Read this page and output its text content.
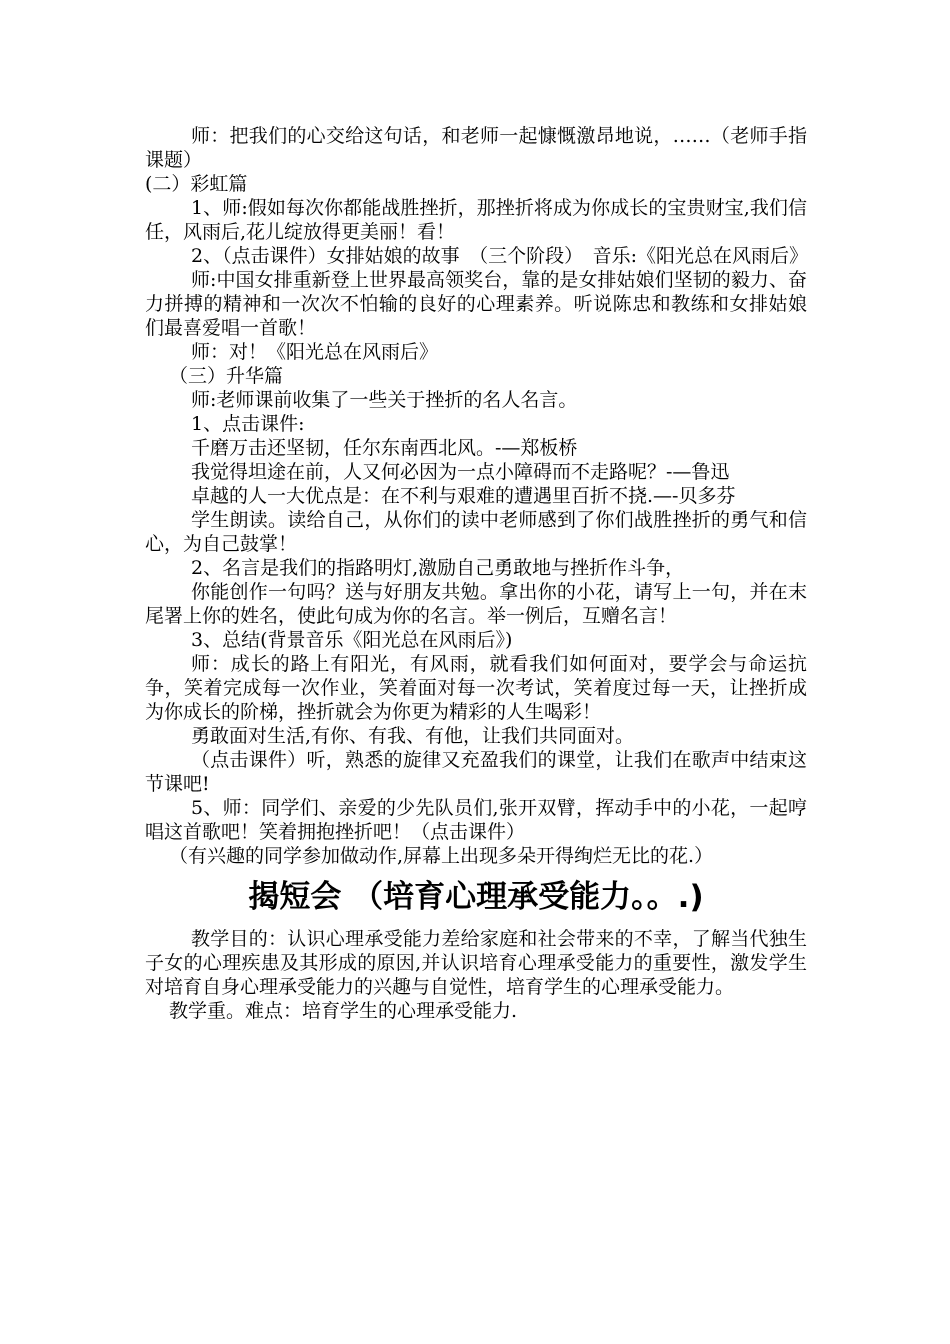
师：把我们的心交给这句话，和老师一起慷慨激昂地说，……（老师手指课题）

(二）彩虹篇

1、师:假如每次你都能战胜挫折，那挫折将成为你成长的宝贵财宝,我们信任，风雨后,花儿绽放得更美丽！看！

2、（点击课件）女排姑娘的故事　（三个阶段）　音乐:《阳光总在风雨后》

师:中国女排重新登上世界最高领奖台，靠的是女排姑娘们坚韧的毅力、奋力拼搏的精神和一次次不怕输的良好的心理素养。听说陈忠和教练和女排姑娘们最喜爱唱一首歌！

师：对！《阳光总在风雨后》

（三）升华篇

师:老师课前收集了一些关于挫折的名人名言。

1、点击课件:

千磨万击还坚韧，任尔东南西北风。-—郑板桥

我觉得坦途在前，人又何必因为一点小障碍而不走路呢？-—鲁迅

卓越的人一大优点是：在不利与艰难的遭遇里百折不挠.—-贝多芬

学生朗读。读给自己，从你们的读中老师感到了你们战胜挫折的勇气和信心，为自己鼓掌！

2、名言是我们的指路明灯,激励自己勇敢地与挫折作斗争，

你能创作一句吗？送与好朋友共勉。拿出你的小花，请写上一句，并在末尾署上你的姓名，使此句成为你的名言。举一例后，互赠名言！

3、总结(背景音乐《阳光总在风雨后》)

师：成长的路上有阳光，有风雨，就看我们如何面对，要学会与命运抗争，笑着完成每一次作业，笑着面对每一次考试，笑着度过每一天，让挫折成为你成长的阶梯，挫折就会为你更为精彩的人生喝彩！

勇敢面对生活,有你、有我、有他，让我们共同面对。

（点击课件）听，熟悉的旋律又充盈我们的课堂，让我们在歌声中结束这节课吧!

5、师：同学们、亲爱的少先队员们,张开双臂，挥动手中的小花，一起哼唱这首歌吧！笑着拥抱挫折吧！（点击课件）

（有兴趣的同学参加做动作,屏幕上出现多朵开得绚烂无比的花.）

揭短会 （培育心理承受能力。。.)

教学目的：认识心理承受能力差给家庭和社会带来的不幸，了解当代独生子女的心理疾患及其形成的原因,并认识培育心理承受能力的重要性，激发学生对培育自身心理承受能力的兴趣与自觉性，培育学生的心理承受能力。

教学重。难点：培育学生的心理承受能力.
